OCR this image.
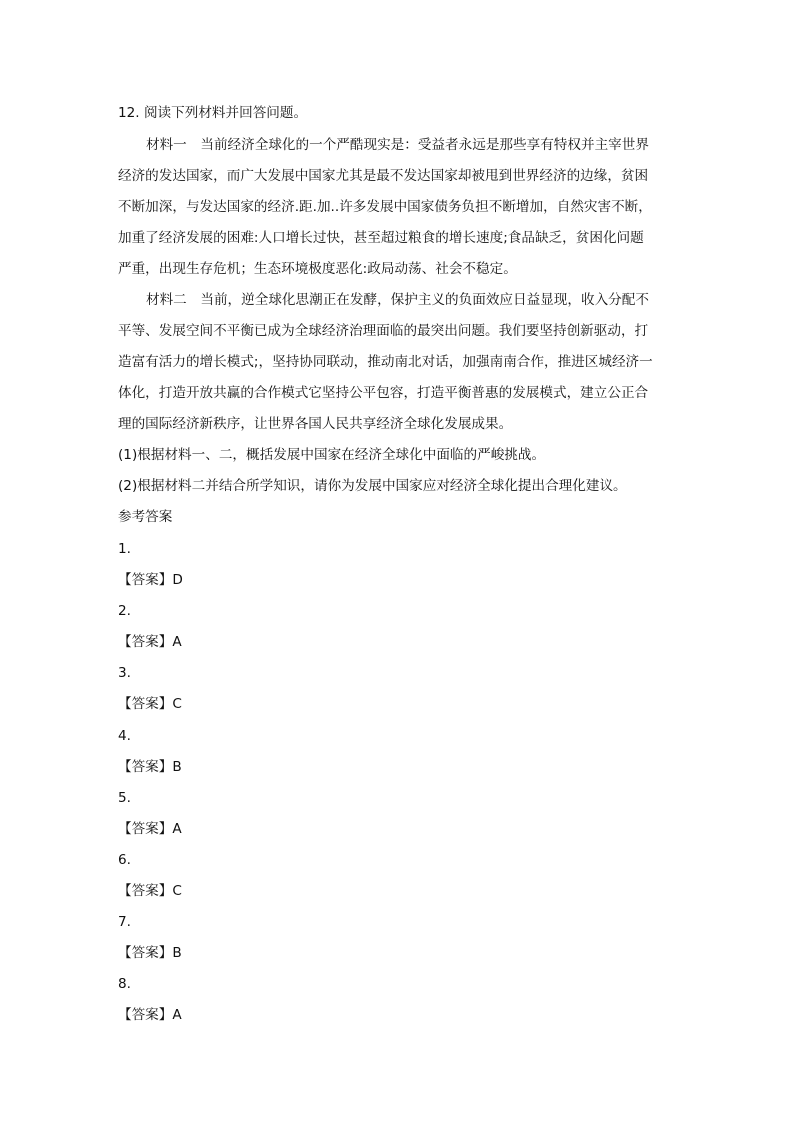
12. 阅读下列材料并回答问题。
材料一　当前经济全球化的一个严酷现实是：受益者永远是那些享有特权并主宰世界
经济的发达国家，而广大发展中国家尤其是最不发达国家却被甩到世界经济的边缘，贫困
不断加深，与发达国家的经济.距.加..许多发展中国家债务负担不断增加，自然灾害不断，
加重了经济发展的困难:人口增长过快，甚至超过粮食的增长速度;食品缺乏，贫困化问题
严重，出现生存危机；生态环境极度恶化:政局动荡、社会不稳定。
材料二　当前，逆全球化思潮正在发酵，保护主义的负面效应日益显现，收入分配不
平等、发展空间不平衡已成为全球经济治理面临的最突出问题。我们要坚持创新驱动，打
造富有活力的增长模式;，坚持协同联动，推动南北对话，加强南南合作，推进区城经济一
体化，打造开放共赢的合作模式它坚持公平包容，打造平衡普惠的发展模式，建立公正合
理的国际经济新秩序，让世界各国人民共享经济全球化发展成果。
(1)根据材料一、二，概括发展中国家在经济全球化中面临的严峻挑战。
(2)根据材料二并结合所学知识，请你为发展中国家应对经济全球化提出合理化建议。
参考答案
1.
【答案】D
2.
【答案】A
3.
【答案】C
4.
【答案】B
5.
【答案】A
6.
【答案】C
7.
【答案】B
8.
【答案】A
